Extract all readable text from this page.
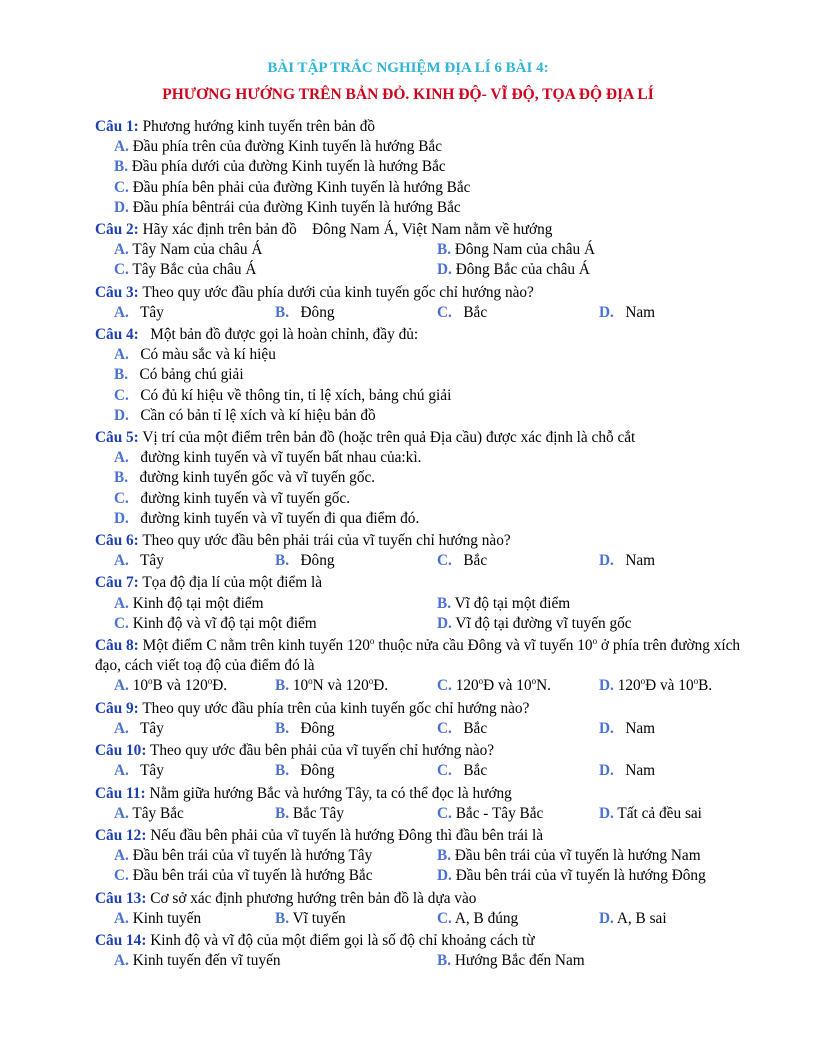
BÀI TẬP TRẮC NGHIỆM ĐỊA LÍ 6 BÀI 4:
PHƯƠNG HƯỚNG TRÊN BẢN ĐỎ. KINH ĐỘ- VĨ ĐỘ, TỌA ĐỘ ĐỊA LÍ
Câu 1: Phương hướng kinh tuyến trên bản đồ
A. Đầu phía trên của đường Kinh tuyến là hướng Bắc
B. Đầu phía dưới của đường Kinh tuyến là hướng Bắc
C. Đầu phía bên phải của đường Kinh tuyến là hướng Bắc
D. Đầu phía bêntrái của đường Kinh tuyến là hướng Bắc
Câu 2: Hãy xác định trên bản đồ    Đông Nam Á, Việt Nam nằm về hướng
A. Tây Nam của châu Á	B. Đông Nam của châu Á
C. Tây Bắc của châu Á	D. Đông Bắc của châu Á
Câu 3: Theo quy ước đầu phía dưới của kinh tuyến gốc chỉ hướng nào?
A.   Tây	B.   Đông	C.   Bắc	D.   Nam
Câu 4:   Một bản đồ được gọi là hoàn chỉnh, đầy đủ:
A.   Có màu sắc và kí hiệu
B.   Có bảng chú giải
C.   Có đủ kí hiệu về thông tin, tỉ lệ xích, bảng chú giải
D.   Cần có bản tỉ lệ xích và kí hiệu bản đồ
Câu 5: Vị trí của một điểm trên bản đồ (hoặc trên quả Địa cầu) được xác định là chỗ cắt
A.   đường kinh tuyến và vĩ tuyến bất nhau của:kì.
B.   đường kinh tuyến gốc và vĩ tuyến gốc.
C.   đường kinh tuyến và vĩ tuyến gốc.
D.   đường kinh tuyến và vĩ tuyến đi qua điểm đó.
Câu 6: Theo quy ước đầu bên phải trái của vĩ tuyến chỉ hướng nào?
A.   Tây	B.   Đông	C.   Bắc	D.   Nam
Câu 7: Tọa độ địa lí của một điểm là
A. Kinh độ tại một điểm	B. Vĩ độ tại một điểm
C. Kinh độ và vĩ độ tại một điểm	D. Vĩ độ tại đường vĩ tuyến gốc
Câu 8: Một điểm C nằm trên kinh tuyến 120$^o$ thuộc nửa cầu Đông và vĩ tuyến 10$^o$ ở phía trên đường xích đạo, cách viết toạ độ của điểm đó là
A. 10$^o$B và 120$^o$Đ.	B. 10$^o$N và 120$^o$Đ.	C. 120$^o$Đ và 10$^o$N.	D. 120$^o$Đ và 10$^o$B.
Câu 9: Theo quy ước đầu phía trên của kinh tuyến gốc chỉ hướng nào?
A.   Tây	B.   Đông	C.   Bắc	D.   Nam
Câu 10: Theo quy ước đầu bên phải của vĩ tuyến chỉ hướng nào?
A.   Tây	B.   Đông	C.   Bắc	D.   Nam
Câu 11: Nằm giữa hướng Bắc và hướng Tây, ta có thể đọc là hướng
A. Tây Bắc	B. Bắc Tây	C. Bắc - Tây Bắc	D. Tất cả đều sai
Câu 12: Nếu đầu bên phải của vĩ tuyến là hướng Đông thì đầu bên trái là
A. Đầu bên trái của vĩ tuyến là hướng Tây	B. Đầu bên trái của vĩ tuyến là hướng Nam
C. Đầu bên trái của vĩ tuyến là hướng Bắc	D. Đầu bên trái của vĩ tuyến là hướng Đông
Câu 13: Cơ sở xác định phương hướng trên bản đồ là dựa vào
A. Kinh tuyến	B. Vĩ tuyến	C. A, B đúng	D. A, B sai
Câu 14: Kinh độ và vĩ độ của một điểm gọi là số độ chỉ khoảng cách từ
A. Kinh tuyến đến vĩ tuyến	B. Hướng Bắc đến Nam
